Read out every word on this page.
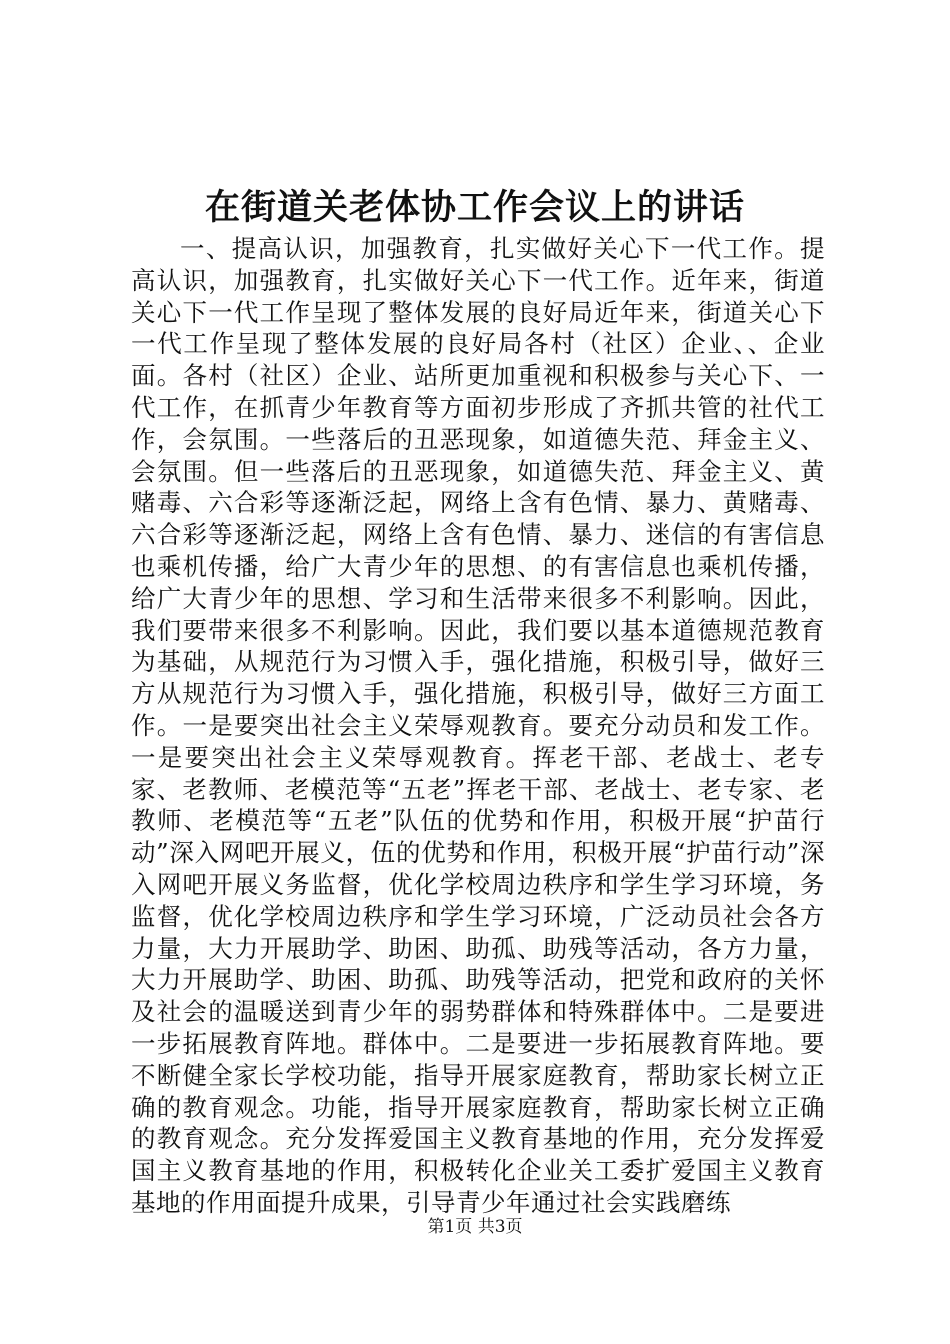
在街道关老体协工作会议上的讲话

一、提高认识，加强教育，扎实做好关心下一代工作。提高认识，加强教育，扎实做好关心下一代工作。近年来，街道关心下一代工作呈现了整体发展的良好局近年来，街道关心下一代工作呈现了整体发展的良好局各村（社区）企业、、企业面。各村（社区）企业、站所更加重视和积极参与关心下、一代工作，在抓青少年教育等方面初步形成了齐抓共管的社代工作，会氛围。一些落后的丑恶现象，如道德失范、拜金主义、会氛围。但一些落后的丑恶现象，如道德失范、拜金主义、黄赌毒、六合彩等逐渐泛起，网络上含有色情、暴力、黄赌毒、六合彩等逐渐泛起，网络上含有色情、暴力、迷信的有害信息也乘机传播，给广大青少年的思想、的有害信息也乘机传播，给广大青少年的思想、学习和生活带来很多不利影响。因此，我们要带来很多不利影响。因此，我们要以基本道德规范教育为基础，从规范行为习惯入手，强化措施，积极引导，做好三方从规范行为习惯入手，强化措施，积极引导，做好三方面工作。一是要突出社会主义荣辱观教育。要充分动员和发工作。一是要突出社会主义荣辱观教育。挥老干部、老战士、老专家、老教师、老模范等“五老”挥老干部、老战士、老专家、老教师、老模范等“五老”队伍的优势和作用，积极开展“护苗行动”深入网吧开展义，伍的优势和作用，积极开展“护苗行动”深入网吧开展义务监督，优化学校周边秩序和学生学习环境，务监督，优化学校周边秩序和学生学习环境，广泛动员社会各方力量，大力开展助学、助困、助孤、助残等活动，各方力量，大力开展助学、助困、助孤、助残等活动，把党和政府的关怀及社会的温暖送到青少年的弱势群体和特殊群体中。二是要进一步拓展教育阵地。群体中。二是要进一步拓展教育阵地。要不断健全家长学校功能，指导开展家庭教育，帮助家长树立正确的教育观念。功能，指导开展家庭教育，帮助家长树立正确的教育观念。充分发挥爱国主义教育基地的作用，充分发挥爱国主义教育基地的作用，积极转化企业关工委扩爱国主义教育基地的作用面提升成果，引导青少年通过社会实践磨练

第1页 共3页
